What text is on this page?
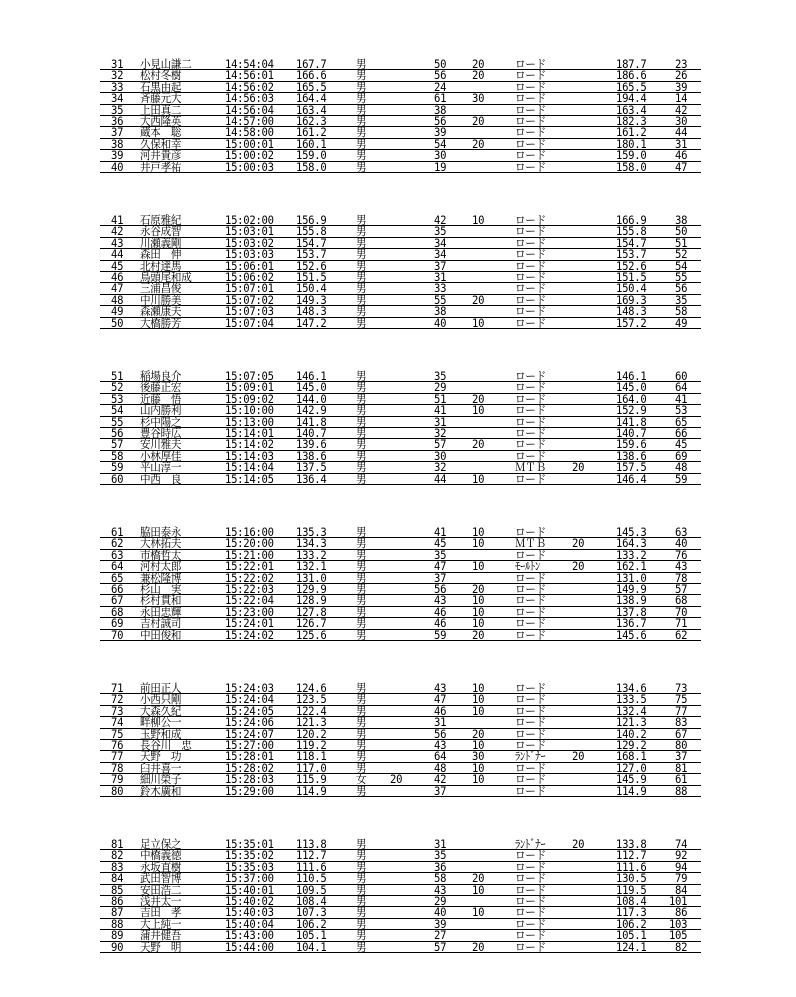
31 小見山謙二	14:54:04 167.7	男	50 20	ロード	187.7	23
32 松村冬樹	14:56:01 166.6	男	56 20	ロード	186.6	26
33 石黒由起	14:56:02 165.5	男	24	ロード	165.5	39
34 斉藤元大	14:56:03 164.4	男	61 30	ロード	194.4	14
35 上田真二	14:56:04 163.4	男	38	ロード	163.4	42
36 大西隆英	14:57:00 162.3	男	56 20	ロード	182.3	30
37 蔵本　聡	14:58:00 161.2	男	39	ロード	161.2	44
38 久保和幸	15:00:01 160.1	男	54 20	ロード	180.1	31
39 河井貴彦	15:00:02 159.0	男	30	ロード	159.0	46
40 井戸孝祐	15:00:03 158.0	男	19	ロード	158.0	47
41 石原雅紀	15:02:00 156.9	男	42 10	ロード	166.9	38
42 永谷成智	15:03:01 155.8	男	35	ロード	155.8	50
43 川瀬義剛	15:03:02 154.7	男	34	ロード	154.7	51
44 森田　伸	15:03:03 153.7	男	34	ロード	153.7	52
45 北村達馬	15:06:01 152.6	男	37	ロード	152.6	54
46 鳥頭尾和成	15:06:02 151.5	男	31	ロード	151.5	55
47 三浦昌俊	15:07:01 150.4	男	33	ロード	150.4	56
48 中川勝美	15:07:02 149.3	男	55 20	ロード	169.3	35
49 森瀬康夫	15:07:03 148.3	男	38	ロード	148.3	58
50 大橋勝芳	15:07:04 147.2	男	40 10	ロード	157.2	49
51 稲場良介	15:07:05 146.1	男	35	ロード	146.1	60
52 後藤正宏	15:09:01 145.0	男	29	ロード	145.0	64
53 近藤　悟	15:09:02 144.0	男	51 20	ロード	164.0	41
54 山内勝利	15:10:00 142.9	男	41 10	ロード	152.9	53
55 杉中陽之	15:13:00 141.8	男	31	ロード	141.8	65
56 豊谷時広	15:14:01 140.7	男	32	ロード	140.7	66
57 安川雅夫	15:14:02 139.6	男	57 20	ロード	159.6	45
58 小林厚佳	15:14:03 138.6	男	30	ロード	138.6	69
59 平山淳一	15:14:04 137.5	男	32	ＭＴＢ 20	157.5	48
60 中西　良	15:14:05 136.4	男	44 10	ロード	146.4	59
61 脇田泰永	15:16:00 135.3	男	41 10	ロード	145.3	63
62 大林拓夫	15:20:00 134.3	男	45 10	ＭＴＢ 20	164.3	40
63 市橋哲太	15:21:00 133.2	男	35	ロード	133.2	76
64 河村太郎	15:22:01 132.1	男	47 10	ﾓｰﾙﾄﾝ	20	162.1	43
65 兼松隆博	15:22:02 131.0	男	37	ロード	131.0	78
66 杉山　実	15:22:03 129.9	男	56 20	ロード	149.9	57
67 杉村貫和	15:22:04 128.9	男	43 10	ロード	138.9	68
68 永田忠輝	15:23:00 127.8	男	46 10	ロード	137.8	70
69 吉村誠司	15:24:01 126.7	男	46 10	ロード	136.7	71
70 中田俊和	15:24:02 125.6	男	59 20	ロード	145.6	62
71 前田正人	15:24:03 124.6	男	43 10	ロード	134.6	73
72 小西只剛	15:24:04 123.5	男	47 10	ロード	133.5	75
73 大森久紀	15:24:05 122.4	男	46 10	ロード	132.4	77
74 畔柳公一	15:24:06 121.3	男	31	ロード	121.3	83
75 玉野和成	15:24:07 120.2	男	56 20	ロード	140.2	67
76 長谷川　忠	15:27:00 119.2	男	43 10	ロード	129.2	80
77 天野　功	15:28:01 118.1	男	64 30	ﾗﾝﾄﾞﾅｰ 20	168.1	37
78 臼井喜一	15:28:02 117.0	男	48 10	ロード	127.0	81
79 細川榮子	15:28:03 115.9	女 20	42 10	ロード	145.9	61
80 鈴木廣和	15:29:00 114.9	男	37	ロード	114.9	88
81 足立保之	15:35:01 113.8	男	31	ﾗﾝﾄﾞﾅｰ 20	133.8	74
82 中橋義徳	15:35:02 112.7	男	35	ロード	112.7	92
83 永坂直樹	15:35:03 111.6	男	36	ロード	111.6	94
84 武田智博	15:37:00 110.5	男	58 20	ロード	130.5	79
85 安田浩二	15:40:01 109.5	男	43 10	ロード	119.5	84
86 浅井太一	15:40:02 108.4	男	29	ロード	108.4 101
87 吉田　孝	15:40:03 107.3	男	40 10	ロード	117.3	86
88 大上純一	15:40:04 106.2	男	39	ロード	106.2 103
89 蒲井健吾	15:43:00 105.1	男	27	ロード	105.1 105
90 天野　明	15:44:00 104.1	男	57 20	ロード	124.1	82
